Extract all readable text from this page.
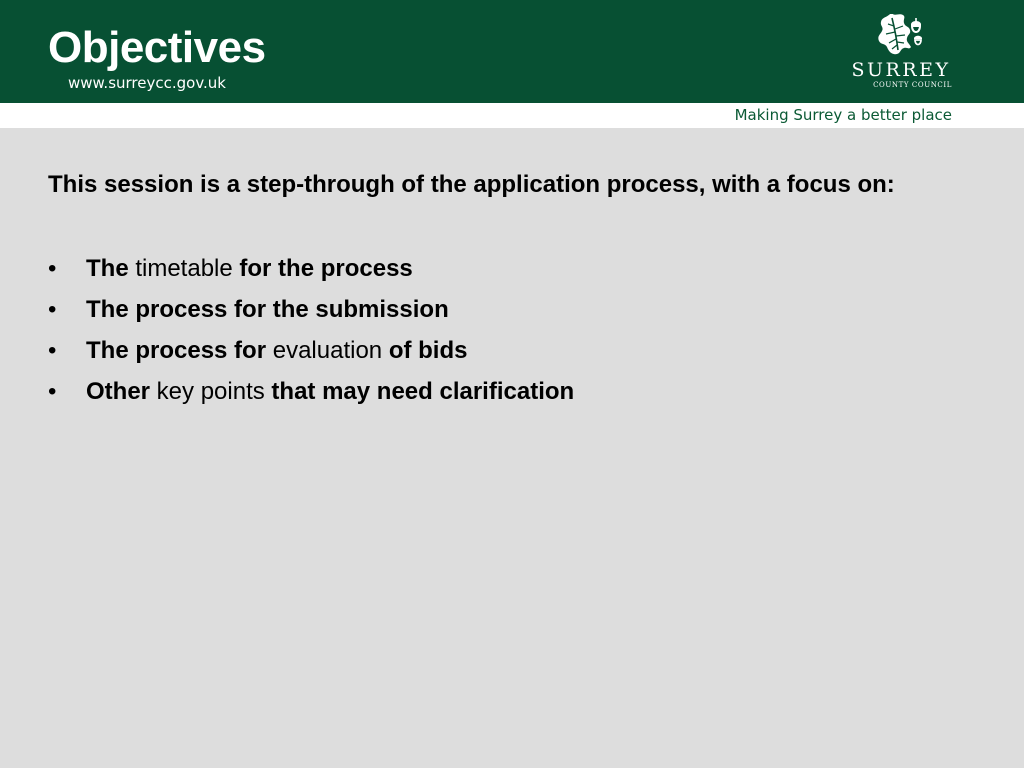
Objectives
www.surreycc.gov.uk
SURREY
COUNTY COUNCIL
Making Surrey a better place

This session is a step-through of the application process, with a focus on:

• The timetable for the process
• The process for the submission
• The process for evaluation of bids
• Other key points that may need clarification
